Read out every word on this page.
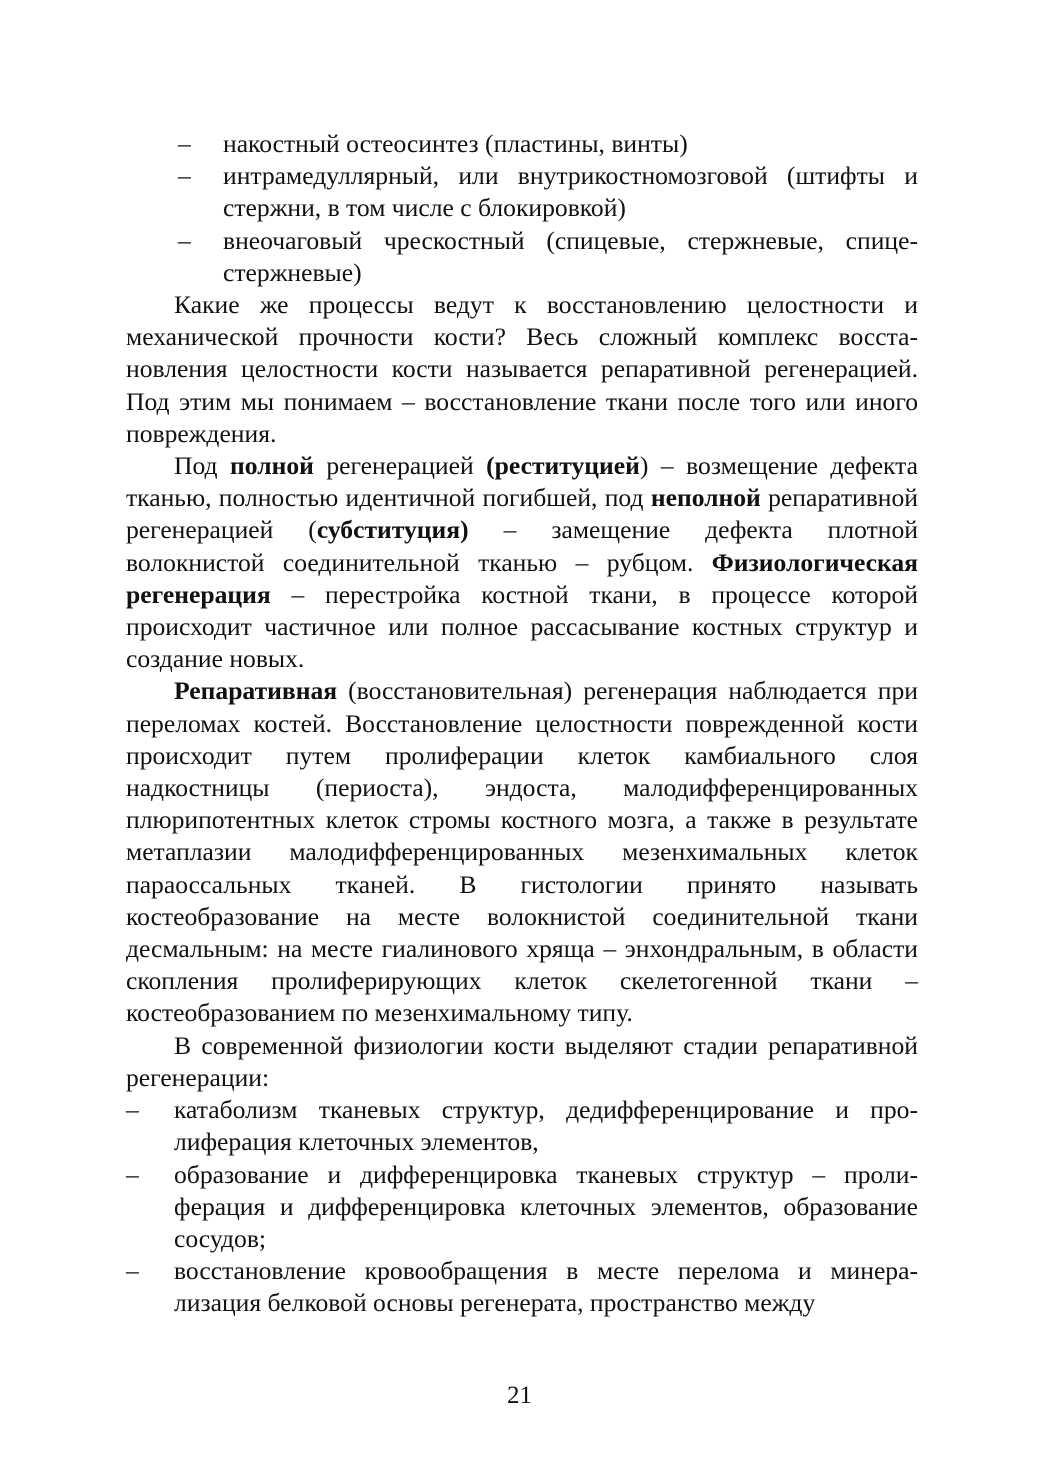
– накостный остеосинтез (пластины, винты)
– интрамедуллярный, или внутрикостномозговой (штифты и стержни, в том числе с блокировкой)
– внеочаговый чрескостный (спицевые, стержневые, спице-стержневые)

Какие же процессы ведут к восстановлению целостности и механической прочности кости? Весь сложный комплекс восстановления целостности кости называется репаративной регенерацией. Под этим мы понимаем – восстановление ткани после того или иного повреждения.

Под полной регенерацией (реституцией) – возмещение дефекта тканью, полностью идентичной погибшей, под неполной репаративной регенерацией (субституция) – замещение дефекта плотной волокнистой соединительной тканью – рубцом. Физиологическая регенерация – перестройка костной ткани, в процессе которой происходит частичное или полное рассасывание костных структур и создание новых.

Репаративная (восстановительная) регенерация наблюдается при переломах костей. Восстановление целостности поврежденной кости происходит путем пролиферации клеток камбиального слоя надкостницы (периоста), эндоста, малодифференцированных плюрипотентных клеток стромы костного мозга, а также в результате метаплазии малодифференцированных мезенхимальных клеток параоссальных тканей. В гистологии принято называть костеобразование на месте волокнистой соединительной ткани десмальным: на месте гиалинового хряща – энхондральным, в области скопления пролиферирующих клеток скелетогенной ткани – костеобразованием по мезенхимальному типу.

В современной физиологии кости выделяют стадии репаративной регенерации:

– катаболизм тканевых структур, дедифференцирование и пролиферация клеточных элементов,
– образование и дифференцировка тканевых структур – пролиферация и дифференцировка клеточных элементов, образование сосудов;
– восстановление кровообращения в месте перелома и минерализация белковой основы регенерата, пространство между
21
